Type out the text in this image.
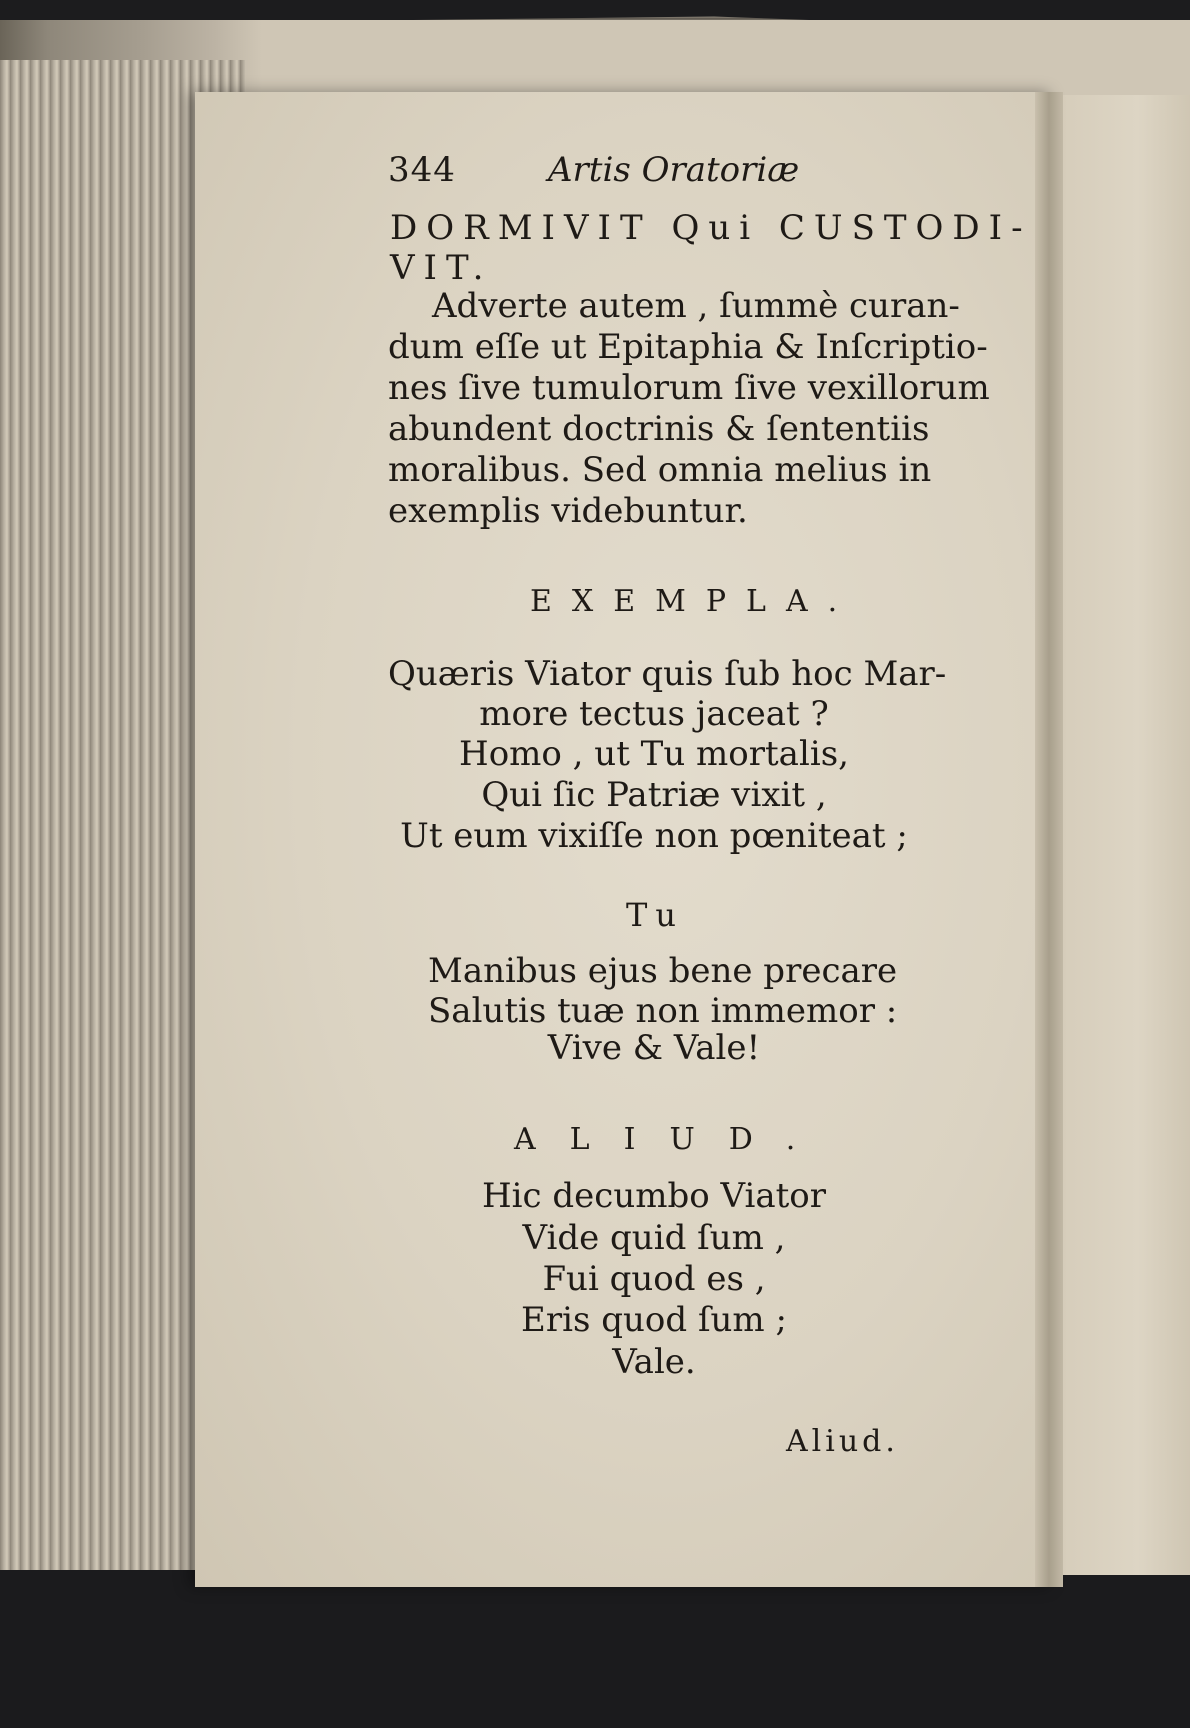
344	Artis Oratoriæ
DORMIVIT Qui CUSTODI-
VIT.
Adverte autem , ſummè curan-
dum eſſe ut Epitaphia & Inſcriptio-
nes ſive tumulorum ſive vexillorum
abundent doctrinis & ſententiis
moralibus. Sed omnia melius in
exemplis videbuntur.
EXEMPLA.
Quæris Viator quis ſub hoc Mar-
more tectus jaceat ?
Homo , ut Tu mortalis,
Qui ſic Patriæ vixit ,
Ut eum vixiſſe non pœniteat ;
Tu
Manibus ejus bene precare
Salutis tuæ non immemor :
Vive & Vale!
ALIUD.
Hic decumbo Viator
Vide quid ſum ,
Fui quod es ,
Eris quod ſum ;
Vale.
Aliud.
